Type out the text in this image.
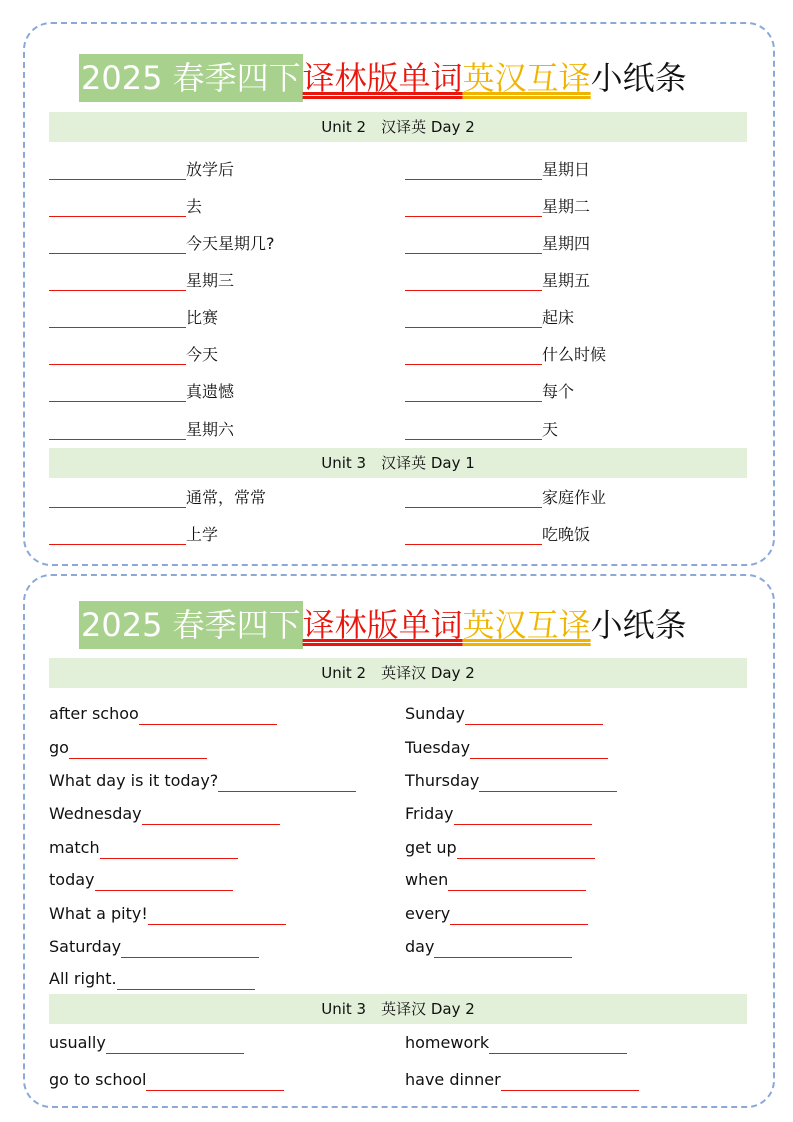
2025 春季四下 译林版单词 英汉互译 小纸条
Unit 2　汉译英 Day 2
放学后	星期日
去	星期二
今天星期几?	星期四
星期三	星期五
比赛	起床
今天	什么时候
真遗憾	每个
星期六	天
Unit 3　汉译英 Day 1
通常，常常	家庭作业
上学	吃晚饭
2025 春季四下 译林版单词 英汉互译 小纸条
Unit 2　英译汉 Day 2
after schoo	Sunday
go	Tuesday
What day is it today?	Thursday
Wednesday	Friday
match	get up
today	when
What a pity!	every
Saturday	day
All right.
Unit 3　英译汉 Day 2
usually	homework
go to school	have dinner
